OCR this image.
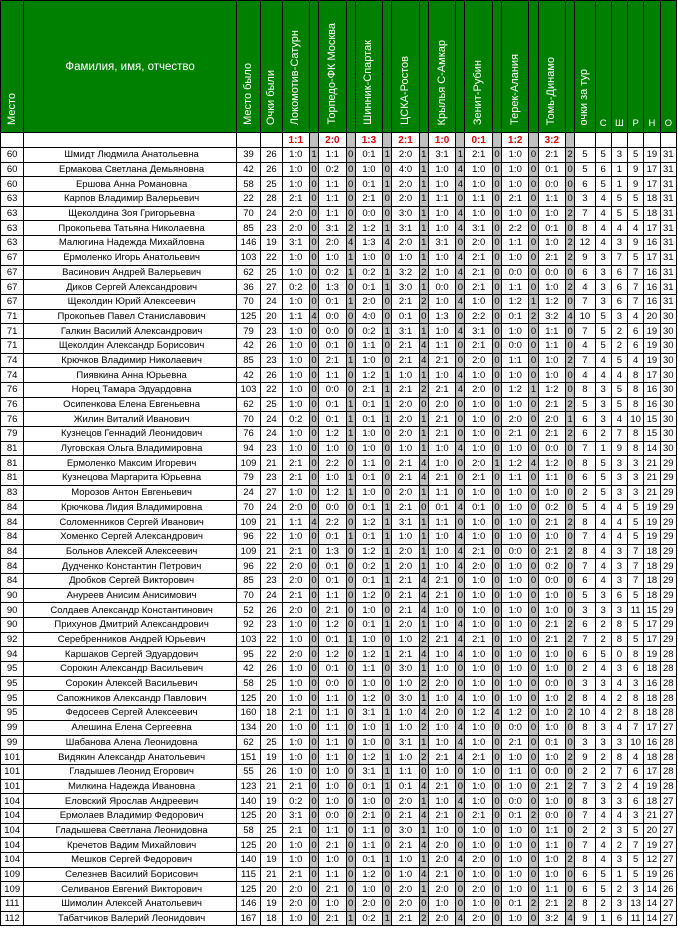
Место	Фамилия, имя, отчество	Место было	Очки были	Локомотив-Сатурн		Торпедо-ФК Москва		Шинник-Спартак		ЦСКА-Ростов		Крылья С-Амкар		Зенит-Рубин		Терек-Алания		Томь-Динамо		очки за тур	С	Ш	Р	Н	О
				1:1		2:0		1:3		2:1		1:0		0:1		1:2		3:2							
60	Шмидт Людмила Анатольевна	39	26	1:0	1	1:1	0	0:1	1	2:0	1	3:1	1	2:1	0	1:0	0	2:1	2	5	5	3	5	19	31
60	Ермакова Светлана Демьяновна	42	26	1:0	0	0:2	0	1:0	0	4:0	1	1:0	4	1:0	0	1:0	0	0:1	0	5	6	1	9	17	31
60	Ершова Анна Романовна	58	25	1:0	0	1:1	0	0:1	1	2:0	1	1:0	4	1:0	0	1:0	0	0:0	0	6	5	1	9	17	31
63	Карпов Владимир Валерьевич	22	28	2:1	0	1:1	0	2:1	0	2:0	1	1:1	0	1:1	0	2:1	0	1:1	0	3	4	5	5	18	31
63	Щеколдина Зоя Григорьевна	70	24	2:0	0	1:1	0	0:0	0	3:0	1	1:0	4	1:0	0	1:0	0	1:0	2	7	4	5	5	18	31
63	Прокопьева Татьяна Николаевна	85	23	2:0	0	3:1	2	1:2	1	3:1	1	1:0	4	3:1	0	2:2	0	0:1	0	8	4	4	4	17	31
63	Малюгина Надежда Михайловна	146	19	3:1	0	2:0	4	1:3	4	2:0	1	3:1	0	2:0	0	1:1	0	1:0	2	12	4	3	9	16	31
67	Ермоленко Игорь Анатольевич	103	22	1:0	0	1:0	1	1:0	0	1:0	1	1:0	4	2:1	0	1:0	0	2:1	2	9	3	7	5	17	31
67	Васинович Андрей Валерьевич	62	25	1:0	0	0:2	1	0:2	1	3:2	2	1:0	4	2:1	0	0:0	0	0:0	0	6	3	6	7	16	31
67	Диков Сергей Александрович	36	27	0:2	0	1:3	0	0:1	1	3:0	1	0:0	0	2:1	0	1:1	0	1:0	2	4	3	6	7	16	31
67	Щеколдин Юрий Алексеевич	70	24	1:0	0	0:1	1	2:0	0	2:1	2	1:0	4	1:0	0	1:2	1	1:2	0	7	3	6	7	16	31
71	Прокопьев Павел Станиславович	125	20	1:1	4	0:0	0	4:0	0	0:1	0	1:3	0	2:2	0	0:1	2	3:2	4	10	5	3	4	20	30
71	Галкин Василий Александрович	79	23	1:0	0	0:0	0	0:2	1	3:1	1	1:0	4	3:1	0	1:0	0	1:1	0	7	5	2	6	19	30
71	Щеколдин Александр Борисович	42	26	1:0	0	0:1	0	1:1	0	2:1	4	1:1	0	2:1	0	0:0	0	1:1	0	4	5	2	6	19	30
74	Крючков Владимир Николаевич	85	23	1:0	0	2:1	1	1:0	0	2:1	4	2:1	0	2:0	0	1:1	0	1:0	2	7	4	5	4	19	30
74	Пиявкина Анна Юрьевна	42	26	1:0	0	1:1	0	1:2	1	1:0	1	1:0	4	1:0	0	1:0	0	1:0	0	4	4	4	8	17	30
76	Норец Тамара Эдуардовна	103	22	1:0	0	0:0	0	2:1	1	2:1	2	2:1	4	2:0	0	1:2	1	1:2	0	8	3	5	8	16	30
76	Осипенкова Елена Евгеньевна	62	25	1:0	0	0:1	1	0:1	1	2:0	0	2:0	0	1:0	0	1:0	0	2:1	2	5	3	5	8	16	30
76	Жилин Виталий Иванович	70	24	0:2	0	0:1	1	0:1	1	2:0	1	2:1	0	1:0	0	2:0	0	2:0	1	6	3	4	10	15	30
79	Кузнецов Геннадий Леонидович	76	24	1:0	0	1:2	1	1:0	0	2:0	1	2:1	0	1:0	0	2:1	0	2:1	2	6	2	7	8	15	30
81	Луговская Ольга Владимировна	94	23	1:0	0	1:0	0	1:0	0	1:0	1	1:0	4	1:0	0	1:0	0	0:0	0	7	1	9	8	14	30
81	Ермоленко Максим Игоревич	109	21	2:1	0	2:2	0	1:1	0	2:1	4	1:0	0	2:0	1	1:2	4	1:2	0	8	5	3	3	21	29
81	Кузнецова Маргарита Юрьевна	79	23	2:1	0	1:0	1	0:1	0	2:1	4	2:1	0	2:1	0	1:1	0	1:1	0	6	5	3	3	21	29
83	Морозов Антон Евгеньевич	24	27	1:0	0	1:2	1	1:0	0	2:0	1	1:1	0	1:0	0	1:0	0	1:0	0	2	5	3	3	21	29
84	Крючкова Лидия Владимировна	70	24	2:0	0	0:0	0	0:1	1	2:1	0	0:1	4	0:1	0	1:0	0	0:2	0	5	4	4	5	19	29
84	Соломенников Сергей Иванович	109	21	1:1	4	2:2	0	1:2	1	3:1	1	1:1	0	1:0	0	1:0	0	2:1	2	8	4	4	5	19	29
84	Хоменко Сергей Александрович	96	22	1:0	0	0:1	1	0:1	1	1:0	1	1:0	4	1:0	0	1:0	0	1:0	0	7	4	4	5	19	29
84	Больнов Алексей Алексеевич	109	21	2:1	0	1:3	0	1:2	1	2:0	1	1:0	4	2:1	0	0:0	0	2:1	2	8	4	3	7	18	29
84	Дудченко Константин Петрович	96	22	2:0	0	0:1	0	0:2	1	2:0	1	1:0	4	2:0	0	1:0	0	0:2	0	7	4	3	7	18	29
84	Дробков Сергей Викторович	85	23	2:0	0	0:1	0	0:1	1	2:1	4	2:1	0	1:0	0	1:0	0	0:0	0	6	4	3	7	18	29
90	Ануреев Анисим Анисимович	70	24	2:1	0	1:1	0	1:2	0	2:1	4	2:1	0	1:0	0	1:0	0	1:0	0	5	3	6	5	18	29
90	Солдаев Александр Константинович	52	26	2:0	0	2:1	0	1:0	0	2:1	4	1:0	0	1:0	0	1:0	0	1:0	0	3	3	3	11	15	29
90	Прихунов Дмитрий Александрович	92	23	1:0	0	1:2	0	0:1	1	2:0	1	1:0	4	1:0	0	1:0	0	2:1	2	6	2	8	5	17	29
92	Серебренников Андрей Юрьевич	103	22	1:0	0	0:1	1	1:0	0	1:0	2	2:1	4	2:1	0	1:0	0	2:1	2	7	2	8	5	17	29
94	Каршаков Сергей Эдуардович	95	22	2:0	0	1:2	0	1:2	1	2:1	4	1:0	4	1:0	0	1:0	0	1:0	0	6	5	0	8	19	28
95	Сорокин Александр Васильевич	42	26	1:0	0	0:1	0	1:1	0	3:0	1	1:0	0	1:0	0	1:0	0	1:0	0	2	4	3	6	18	28
95	Сорокин Алексей Васильевич	58	25	1:0	0	0:0	0	1:0	0	1:0	2	2:0	0	1:0	0	1:0	0	0:0	0	3	3	4	3	16	28
95	Сапожников Александр Павлович	125	20	1:0	0	1:1	0	1:2	0	3:0	1	1:0	4	1:0	0	1:0	0	1:0	2	8	4	2	8	18	28
95	Федосеев Сергей Алексеевич	160	18	2:1	0	1:1	0	3:1	1	1:0	4	2:0	0	1:2	4	1:2	0	1:0	2	10	4	2	8	18	28
99	Алешина Елена Сергеевна	134	20	1:0	0	1:1	0	1:0	1	1:0	2	1:0	4	1:0	0	0:0	0	1:0	0	8	3	4	7	17	27
99	Шабанова Алена Леонидовна	62	25	1:0	0	1:1	0	1:0	0	3:1	1	1:0	4	1:0	0	2:1	0	0:1	0	3	3	3	10	16	28
101	Видякин Александр Анатольевич	151	19	1:0	0	1:1	0	1:2	1	1:0	2	2:1	4	2:1	0	1:0	0	1:0	2	9	2	8	4	18	28
101	Гладышев Леонид Егорович	55	26	1:0	0	1:0	0	3:1	1	1:1	0	1:0	0	1:0	0	1:1	0	0:0	0	2	2	7	6	17	28
101	Милкина Надежда Ивановна	123	21	2:1	0	1:0	0	0:1	1	0:1	4	2:1	0	1:0	0	1:0	0	2:1	2	7	3	2	4	19	28
104	Еловский Ярослав Андреевич	140	19	0:2	0	1:0	0	1:0	0	2:0	1	1:0	4	1:0	0	0:0	0	1:0	0	8	3	3	6	18	27
104	Ермолаев Владимир Федорович	125	20	3:1	0	0:0	0	2:1	0	2:1	4	2:1	0	2:1	0	0:1	2	0:0	0	7	4	4	3	21	27
104	Гладышева Светлана Леонидовна	58	25	2:1	0	1:1	0	1:1	0	3:0	1	1:0	0	1:0	0	1:0	0	1:1	0	2	2	3	5	20	27
104	Кречетов Вадим Михайлович	125	20	1:0	0	2:1	0	1:1	0	2:1	4	2:0	0	1:0	0	1:0	0	1:1	0	7	4	2	7	19	27
104	Мешков Сергей Федорович	140	19	1:0	0	1:0	0	0:1	1	1:0	1	2:0	4	2:0	0	1:0	0	1:0	2	8	4	3	5	12	27
109	Селезнев Василий Борисович	115	21	2:1	0	1:1	0	1:2	0	1:0	4	2:1	0	1:0	0	1:0	0	1:0	0	6	5	1	5	19	26
109	Селиванов Евгений Викторович	125	20	2:0	0	2:1	0	1:0	0	2:0	1	2:0	0	2:0	0	1:0	0	1:1	0	6	5	2	3	14	26
111	Шимолин Алексей Анатольевич	146	19	2:0	0	1:0	0	2:0	0	2:0	0	1:0	0	1:0	0	0:1	2	2:1	2	8	2	3	13	14	27
112	Табатчиков Валерий Леонидович	167	18	1:0	0	2:1	1	0:2	1	2:1	2	2:0	4	2:0	0	1:0	0	3:2	4	9	1	6	11	14	27
